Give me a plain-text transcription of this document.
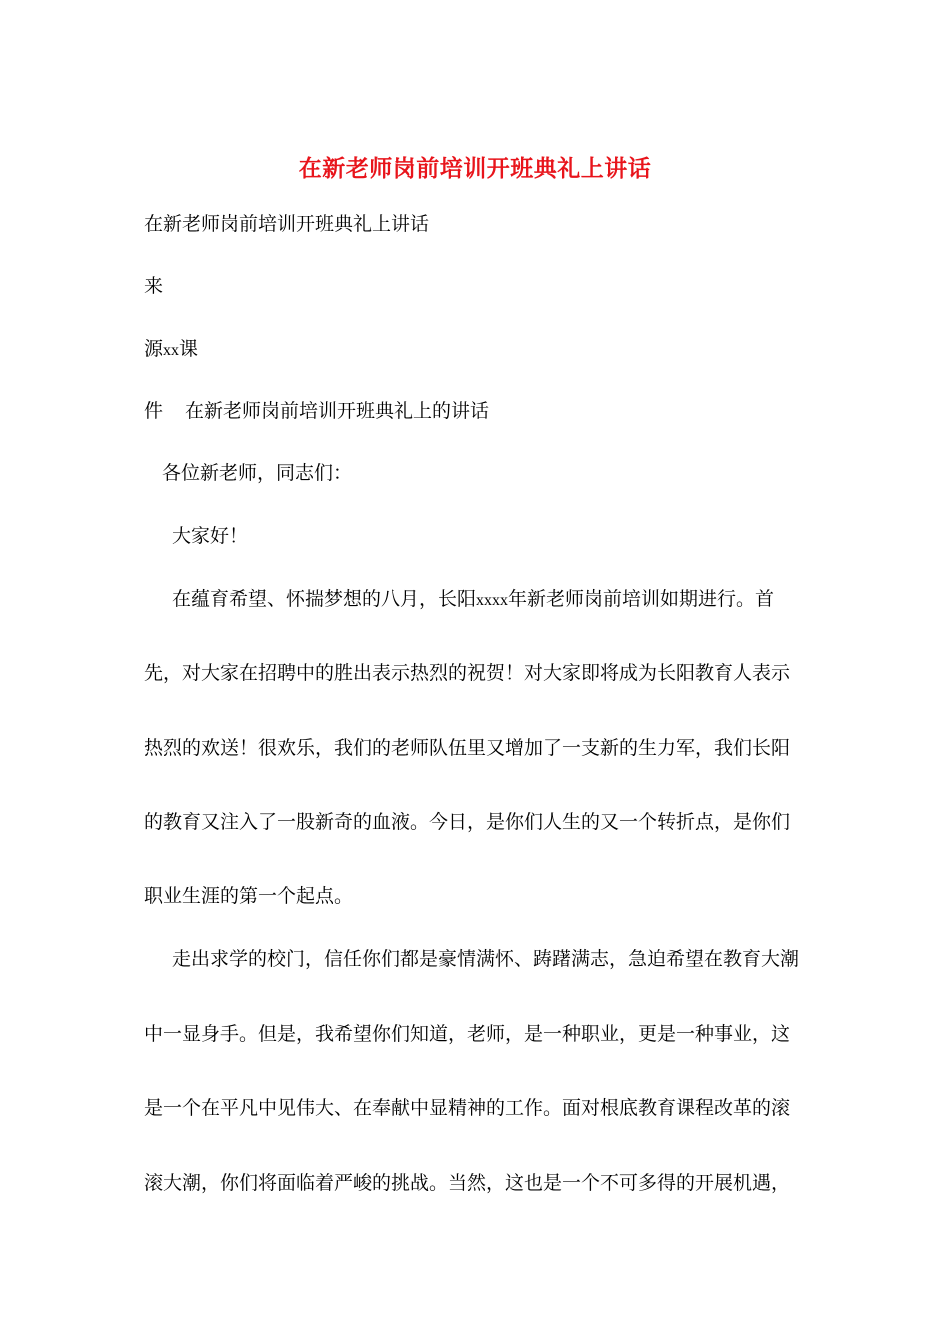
在新老师岗前培训开班典礼上讲话
在新老师岗前培训开班典礼上讲话
来
源xx课
件 在新老师岗前培训开班典礼上的讲话
各位新老师，同志们：
大家好！
在蕴育希望、怀揣梦想的八月，长阳xxxx年新老师岗前培训如期进行。首
先，对大家在招聘中的胜出表示热烈的祝贺！对大家即将成为长阳教育人表示
热烈的欢送！很欢乐，我们的老师队伍里又增加了一支新的生力军，我们长阳
的教育又注入了一股新奇的血液。今日，是你们人生的又一个转折点，是你们
职业生涯的第一个起点。
走出求学的校门，信任你们都是豪情满怀、踌躇满志，急迫希望在教育大潮
中一显身手。但是，我希望你们知道，老师，是一种职业，更是一种事业，这
是一个在平凡中见伟大、在奉献中显精神的工作。面对根底教育课程改革的滚
滚大潮，你们将面临着严峻的挑战。当然，这也是一个不可多得的开展机遇，
